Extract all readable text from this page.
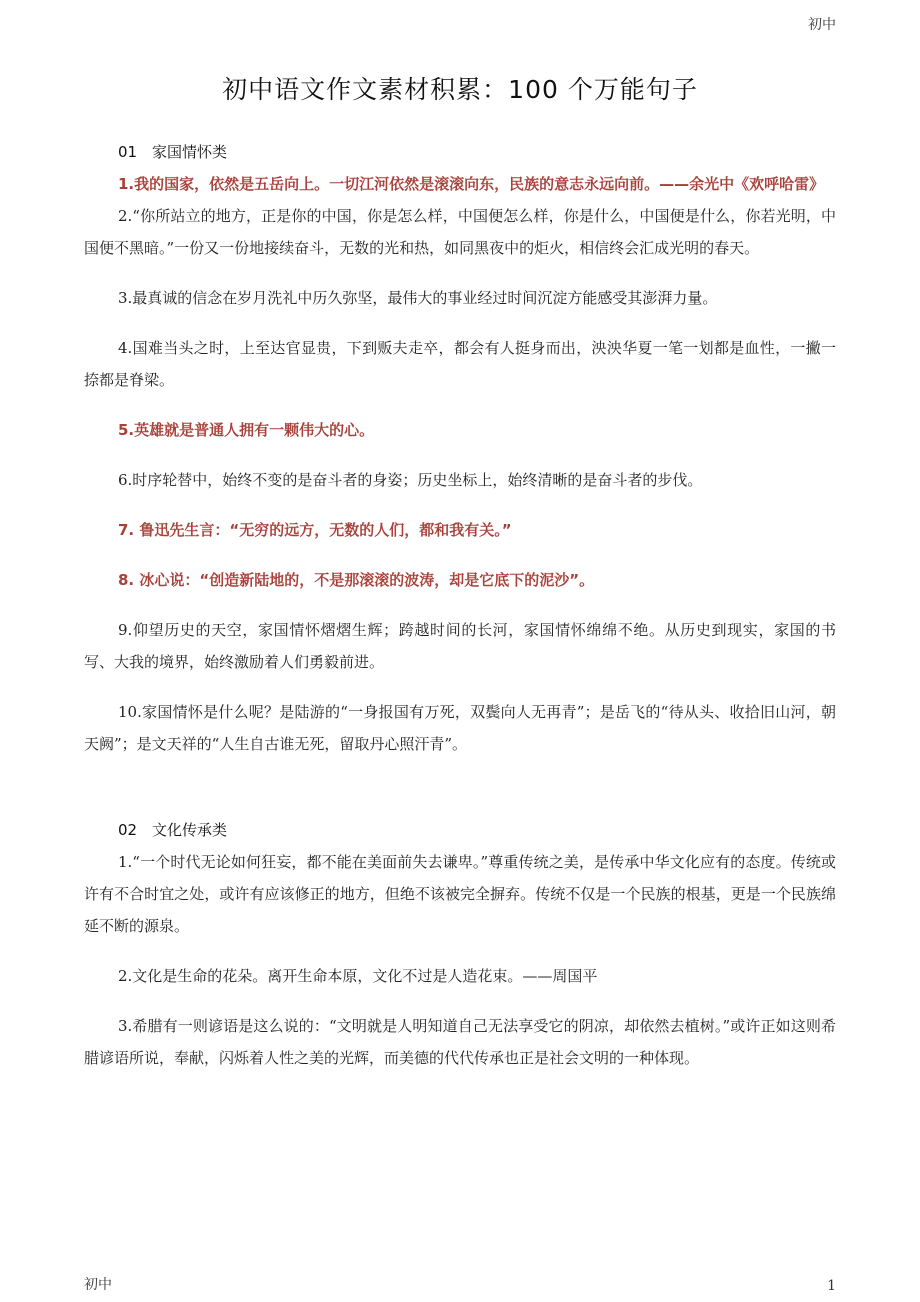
初中
初中语文作文素材积累：100 个万能句子
01 家国情怀类

1.我的国家，依然是五岳向上。一切江河依然是滚滚向东，民族的意志永远向前。——余光中《欢呼哈雷》

2.“你所站立的地方，正是你的中国，你是怎么样，中国便怎么样，你是什么，中国便是什么，你若光明，中国便不黑暗。”一份又一份地接续奋斗，无数的光和热，如同黑夜中的炬火，相信终会汇成光明的春天。

3.最真诚的信念在岁月洗礼中历久弥坚，最伟大的事业经过时间沉淀方能感受其澎湃力量。

4.国难当头之时，上至达官显贵，下到贩夫走卒，都会有人挺身而出，泱泱华夏一笔一划都是血性，一撇一捺都是脊梁。

5.英雄就是普通人拥有一颗伟大的心。

6.时序轮替中，始终不变的是奋斗者的身姿；历史坐标上，始终清晰的是奋斗者的步伐。

7. 鲁迅先生言：“无穷的远方，无数的人们，都和我有关。”

8. 冰心说：“创造新陆地的，不是那滚滚的波涛，却是它底下的泥沙”。

9.仰望历史的天空，家国情怀熠熠生辉；跨越时间的长河，家国情怀绵绵不绝。从历史到现实，家国的书写、大我的境界，始终激励着人们勇毅前进。

10.家国情怀是什么呢？是陆游的“一身报国有万死，双鬓向人无再青”；是岳飞的“待从头、收拾旧山河，朝天阙”；是文天祥的“人生自古谁无死，留取丹心照汗青”。

02 文化传承类

1.“一个时代无论如何狂妄，都不能在美面前失去谦卑。”尊重传统之美，是传承中华文化应有的态度。传统或许有不合时宜之处，或许有应该修正的地方，但绝不该被完全摒弃。传统不仅是一个民族的根基，更是一个民族绵延不断的源泉。

2.文化是生命的花朵。离开生命本原，文化不过是人造花束。——周国平

3.希腊有一则谚语是这么说的：“文明就是人明知道自己无法享受它的阴凉，却依然去植树。”或许正如这则希腊谚语所说，奉献，闪烁着人性之美的光辉，而美德的代代传承也正是社会文明的一种体现。

初中	1
